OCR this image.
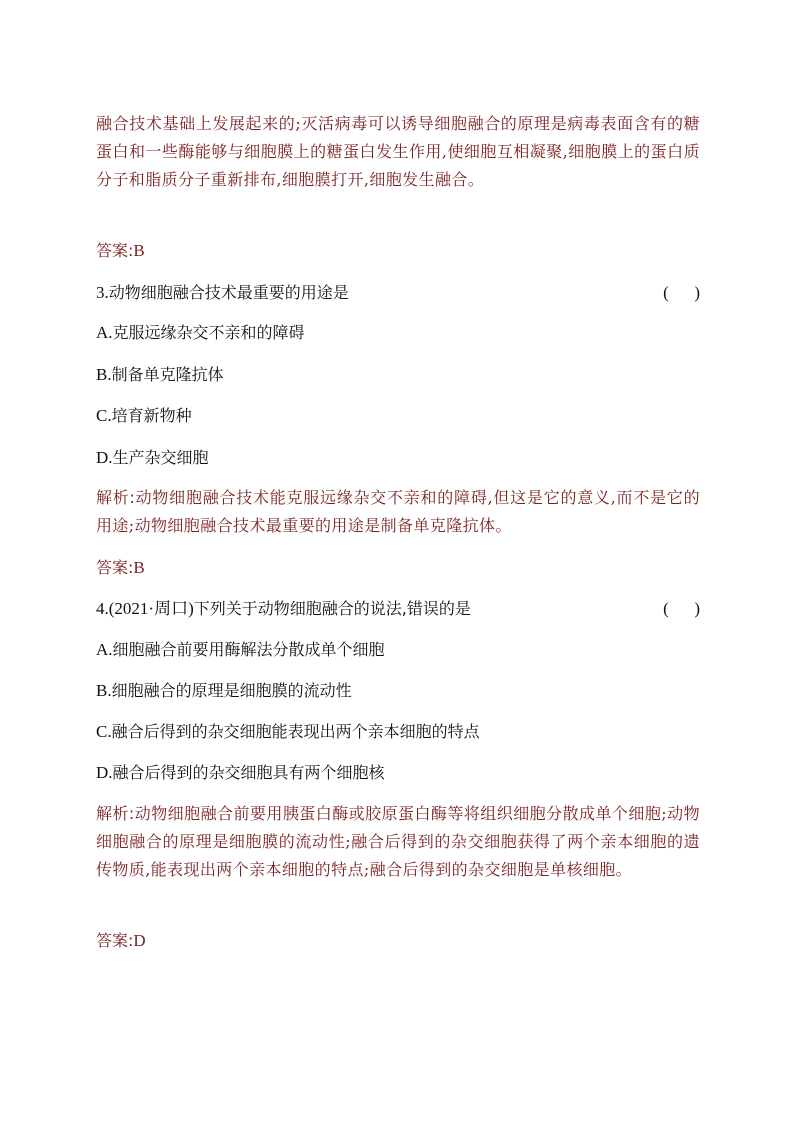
融合技术基础上发展起来的;灭活病毒可以诱导细胞融合的原理是病毒表面含有的糖蛋白和一些酶能够与细胞膜上的糖蛋白发生作用,使细胞互相凝聚,细胞膜上的蛋白质分子和脂质分子重新排布,细胞膜打开,细胞发生融合。
答案:B
3.动物细胞融合技术最重要的用途是	(      )
A.克服远缘杂交不亲和的障碍
B.制备单克隆抗体
C.培育新物种
D.生产杂交细胞
解析:动物细胞融合技术能克服远缘杂交不亲和的障碍,但这是它的意义,而不是它的用途;动物细胞融合技术最重要的用途是制备单克隆抗体。
答案:B
4.(2021·周口)下列关于动物细胞融合的说法,错误的是	(      )
A.细胞融合前要用酶解法分散成单个细胞
B.细胞融合的原理是细胞膜的流动性
C.融合后得到的杂交细胞能表现出两个亲本细胞的特点
D.融合后得到的杂交细胞具有两个细胞核
解析:动物细胞融合前要用胰蛋白酶或胶原蛋白酶等将组织细胞分散成单个细胞;动物细胞融合的原理是细胞膜的流动性;融合后得到的杂交细胞获得了两个亲本细胞的遗传物质,能表现出两个亲本细胞的特点;融合后得到的杂交细胞是单核细胞。
答案:D
